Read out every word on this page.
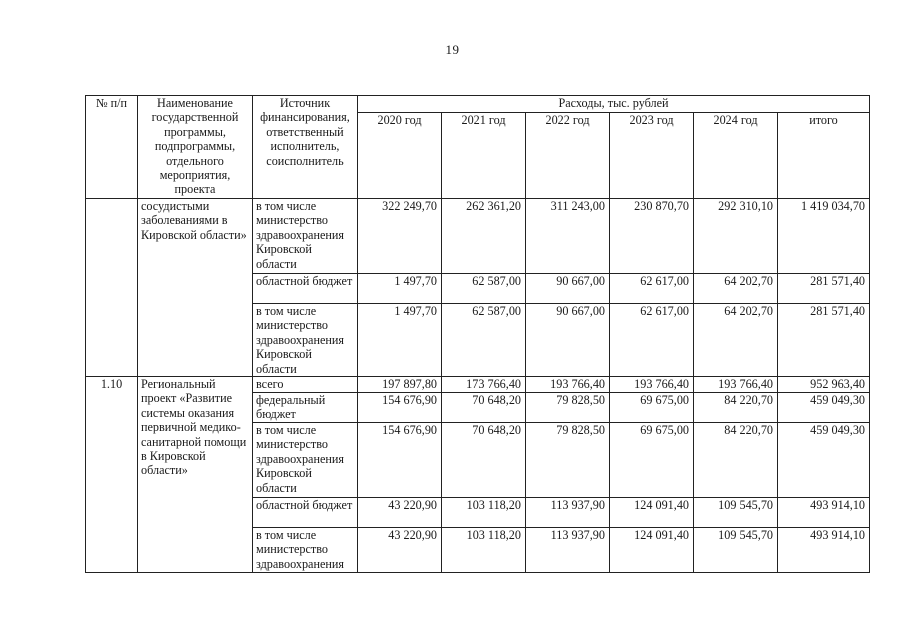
19
№ п/п	Наименование государственной программы, подпрограммы, отдельного мероприятия, проекта	Источник финансирования, ответственный исполнитель, соисполнитель	Расходы, тыс. рублей					
			2020 год	2021 год	2022 год	2023 год	2024 год	итого
	сосудистыми заболеваниями в Кировской области»	в том числе министерство здравоохранения Кировской области	322 249,70	262 361,20	311 243,00	230 870,70	292 310,10	1 419 034,70
		областной бюджет	1 497,70	62 587,00	90 667,00	62 617,00	64 202,70	281 571,40
		в том числе министерство здравоохранения Кировской области	1 497,70	62 587,00	90 667,00	62 617,00	64 202,70	281 571,40
1.10	Региональный проект «Развитие системы оказания первичной медико-санитарной помощи в Кировской области»	всего	197 897,80	173 766,40	193 766,40	193 766,40	193 766,40	952 963,40
		федеральный бюджет	154 676,90	70 648,20	79 828,50	69 675,00	84 220,70	459 049,30
		в том числе министерство здравоохранения Кировской области	154 676,90	70 648,20	79 828,50	69 675,00	84 220,70	459 049,30
		областной бюджет	43 220,90	103 118,20	113 937,90	124 091,40	109 545,70	493 914,10
		в том числе министерство здравоохранения	43 220,90	103 118,20	113 937,90	124 091,40	109 545,70	493 914,10
